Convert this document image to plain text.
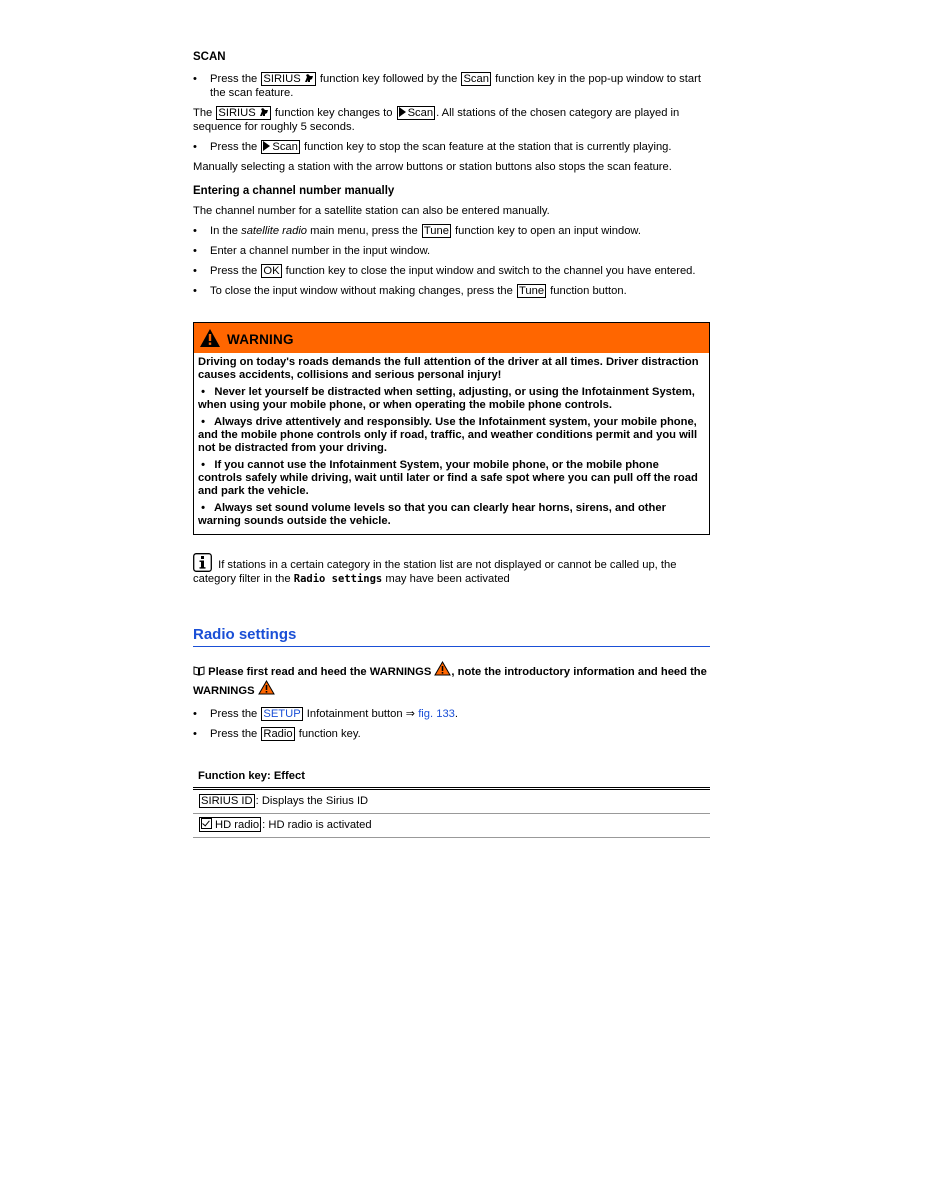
SCAN
• Press the SIRIUS function key followed by the Scan function key in the pop-up window to start the scan feature.
The SIRIUS function key changes to Scan . All stations of the chosen category are played in sequence for roughly 5 seconds.
• Press the Scan function key to stop the scan feature at the station that is currently playing.
Manually selecting a station with the arrow buttons or station buttons also stops the scan feature.
Entering a channel number manually
The channel number for a satellite station can also be entered manually.
• In the satellite radio main menu, press the Tune function key to open an input window.
• Enter a channel number in the input window.
• Press the OK function key to close the input window and switch to the channel you have entered.
• To close the input window without making changes, press the Tune function button.
WARNING
Driving on today's roads demands the full attention of the driver at all times. Driver distraction causes accidents, collisions and serious personal injury!
•   Never let yourself be distracted when setting, adjusting, or using the Infotainment System, when using your mobile phone, or when operating the mobile phone controls.
•   Always drive attentively and responsibly. Use the Infotainment system, your mobile phone, and the mobile phone controls only if road, traffic, and weather conditions permit and you will not be distracted from your driving.
•   If you cannot use the Infotainment System, your mobile phone, or the mobile phone controls safely while driving, wait until later or find a safe spot where you can pull off the road and park the vehicle.
•   Always set sound volume levels so that you can clearly hear horns, sirens, and other warning sounds outside the vehicle.
If stations in a certain category in the station list are not displayed or cannot be called up, the category filter in the Radio settings may have been activated
Radio settings
Please first read and heed the WARNINGS , note the introductory information and heed the WARNINGS
• Press the SETUP Infotainment button ⇒ fig. 133.
• Press the Radio function key.
Function key: Effect
SIRIUS ID : Displays the Sirius ID
HD radio : HD radio is activated
